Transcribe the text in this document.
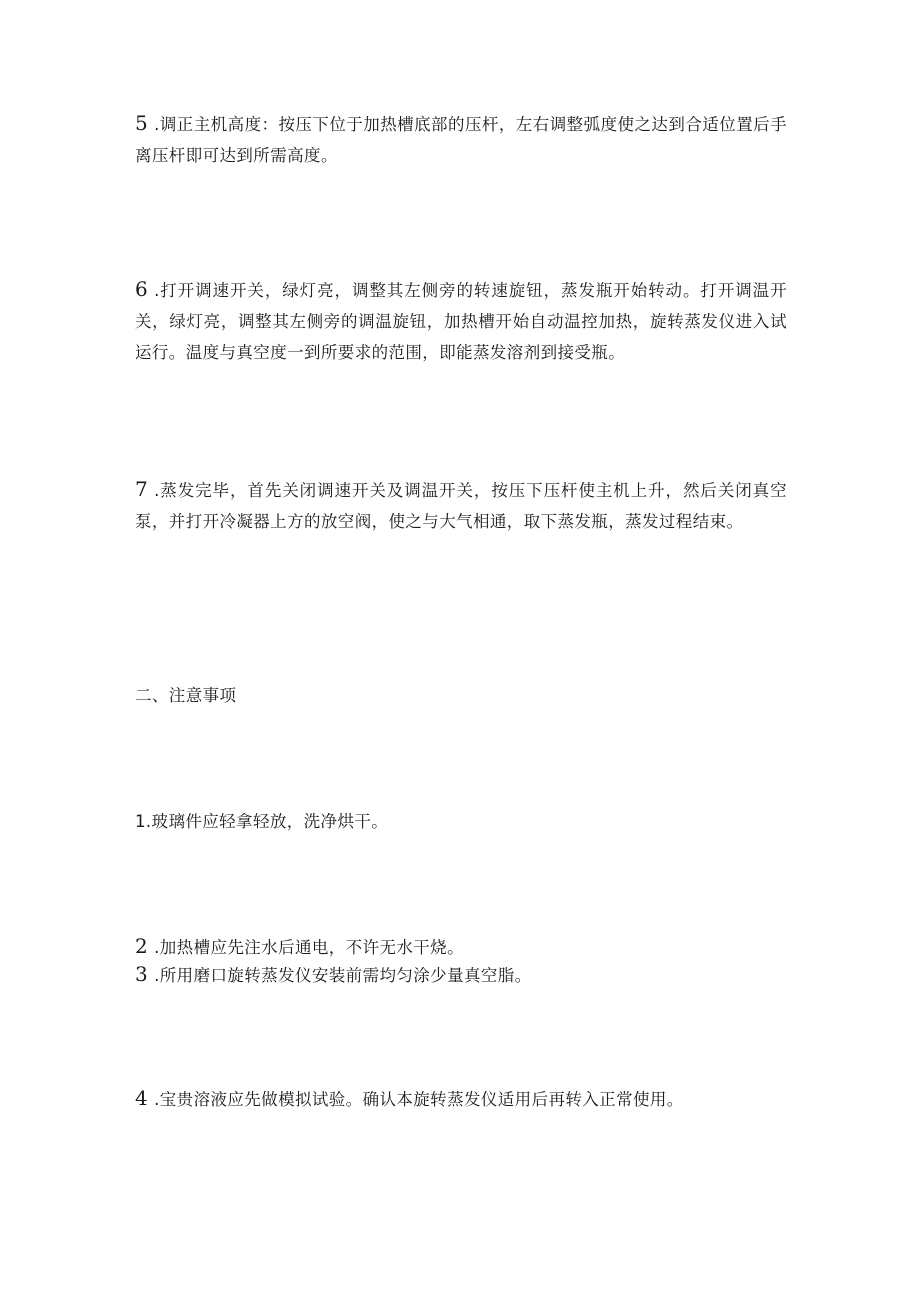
5 .调正主机高度：按压下位于加热槽底部的压杆，左右调整弧度使之达到合适位置后手离压杆即可达到所需高度。

6 .打开调速开关，绿灯亮，调整其左侧旁的转速旋钮，蒸发瓶开始转动。打开调温开关，绿灯亮，调整其左侧旁的调温旋钮，加热槽开始自动温控加热，旋转蒸发仪进入试运行。温度与真空度一到所要求的范围，即能蒸发溶剂到接受瓶。

7 .蒸发完毕，首先关闭调速开关及调温开关，按压下压杆使主机上升，然后关闭真空泵，并打开冷凝器上方的放空阀，使之与大气相通，取下蒸发瓶，蒸发过程结束。

二、注意事项

1.玻璃件应轻拿轻放，洗净烘干。

2 .加热槽应先注水后通电，不许无水干烧。

3 .所用磨口旋转蒸发仪安装前需均匀涂少量真空脂。

4 .宝贵溶液应先做模拟试验。确认本旋转蒸发仪适用后再转入正常使用。
